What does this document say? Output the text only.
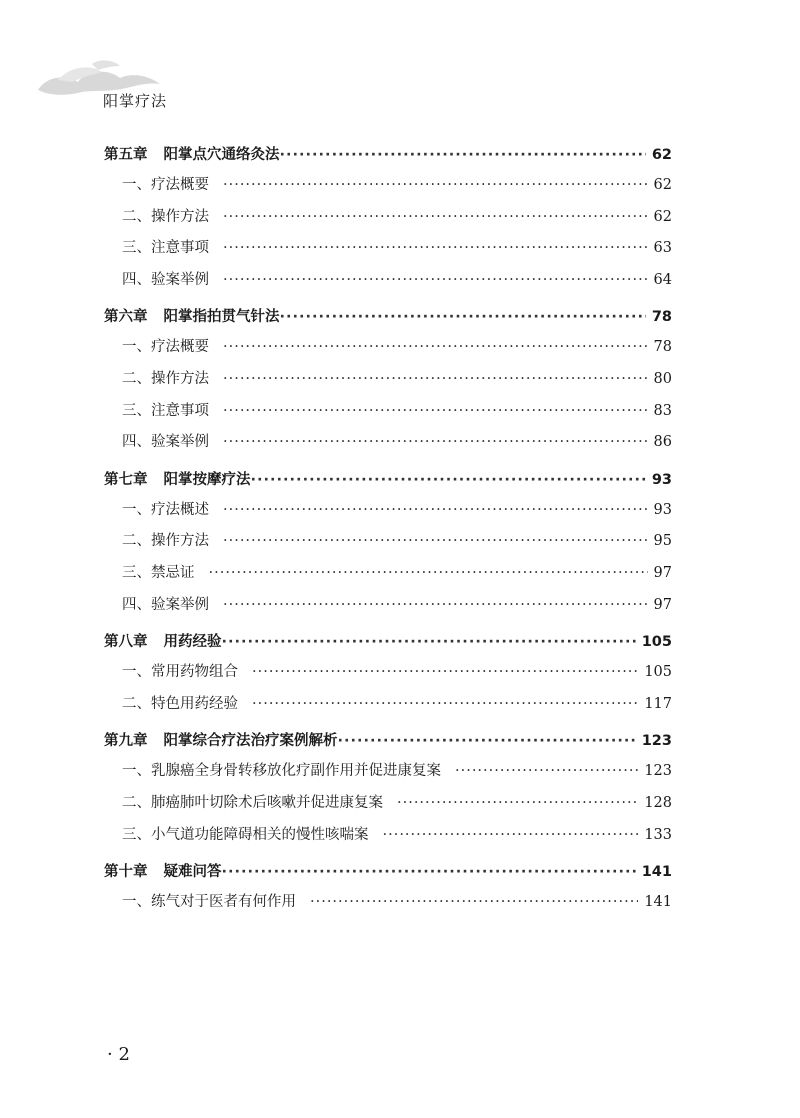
阳掌疗法
第五章 阳掌点穴通络灸法 ·····	62
一、疗法概要 ·····	62
二、操作方法 ·····	62
三、注意事项 ·····	63
四、验案举例 ·····	64
第六章 阳掌指拍贯气针法 ·····	78
一、疗法概要 ·····	78
二、操作方法 ·····	80
三、注意事项 ·····	83
四、验案举例 ·····	86
第七章 阳掌按摩疗法 ·····	93
一、疗法概述 ·····	93
二、操作方法 ·····	95
三、禁忌证 ·····	97
四、验案举例 ·····	97
第八章 用药经验 ·····	105
一、常用药物组合 ·····	105
二、特色用药经验 ·····	117
第九章 阳掌综合疗法治疗案例解析 ·····	123
一、乳腺癌全身骨转移放化疗副作用并促进康复案 ·····	123
二、肺癌肺叶切除术后咳嗽并促进康复案 ·····	128
三、小气道功能障碍相关的慢性咳喘案 ·····	133
第十章 疑难问答 ·····	141
一、练气对于医者有何作用 ·····	141
· 2
